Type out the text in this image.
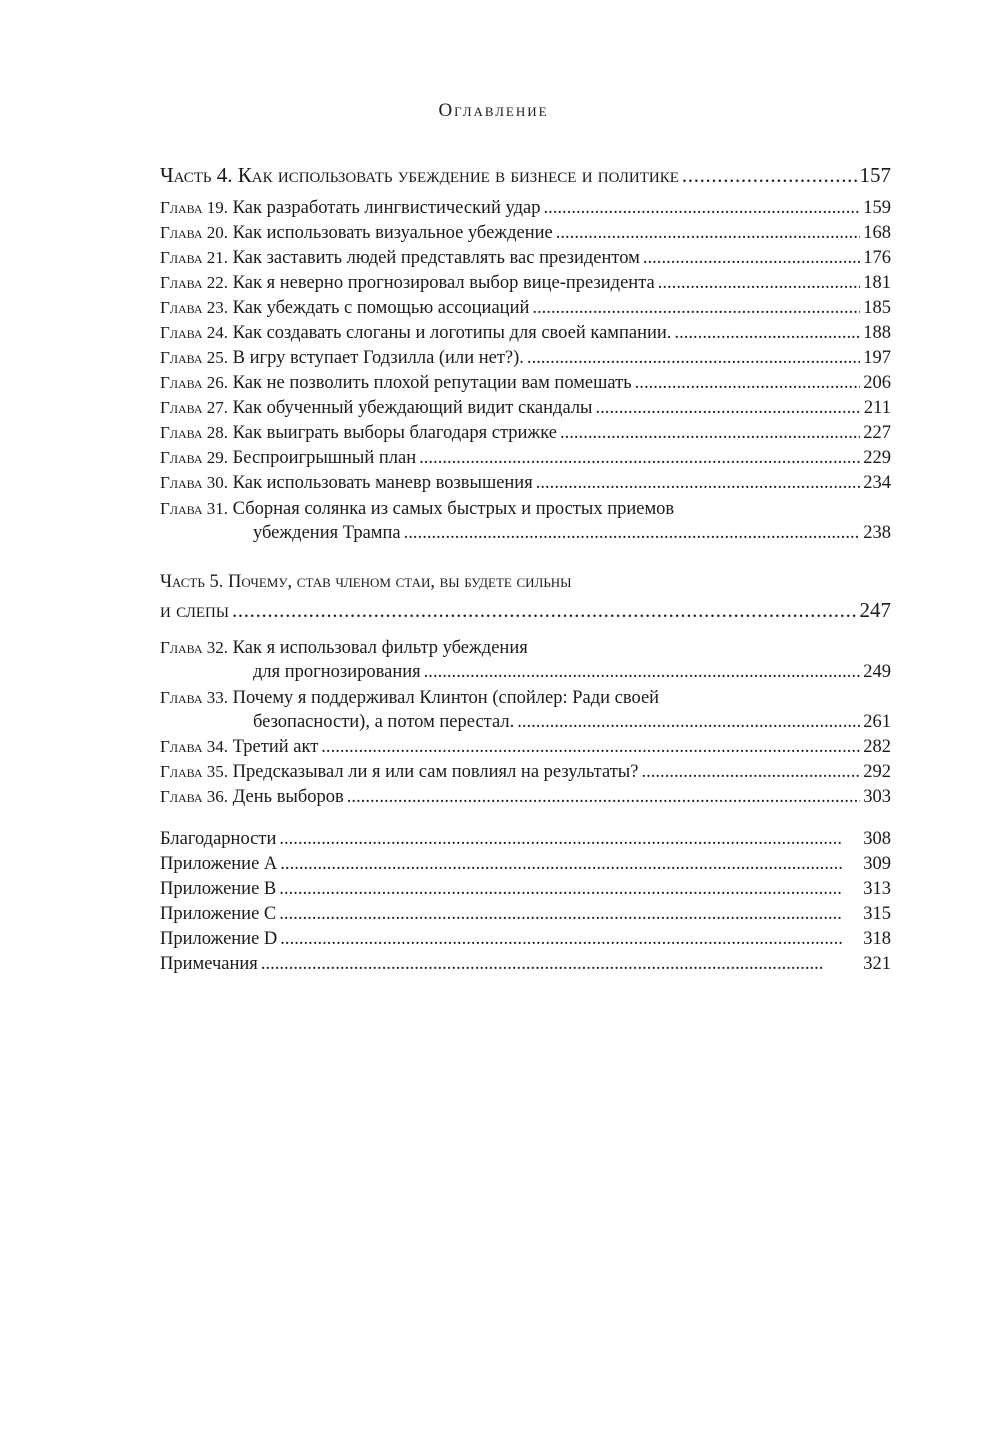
Оглавление
Часть 4. Как использовать убеждение в бизнесе и политике . . .	157
Глава 19. Как разработать лингвистический удар . . .	159
Глава 20. Как использовать визуальное убеждение . . .	168
Глава 21. Как заставить людей представлять вас президентом . . .	176
Глава 22. Как я неверно прогнозировал выбор вице-президента . . .	181
Глава 23. Как убеждать с помощью ассоциаций . . .	185
Глава 24. Как создавать слоганы и логотипы для своей кампании. . . .	188
Глава 25. В игру вступает Годзилла (или нет?). . . .	197
Глава 26. Как не позволить плохой репутации вам помешать . . .	206
Глава 27. Как обученный убеждающий видит скандалы . . .	211
Глава 28. Как выиграть выборы благодаря стрижке . . .	227
Глава 29. Беспроигрышный план . . .	229
Глава 30. Как использовать маневр возвышения . . .	234
Глава 31. Сборная солянка из самых быстрых и простых приемов
убеждения Трампа . . .	238
Часть 5. Почему, став членом стаи, вы будете сильны
и слепы . . .	247
Глава 32. Как я использовал фильтр убеждения
для прогнозирования . . .	249
Глава 33. Почему я поддерживал Клинтон (спойлер: Ради своей
безопасности), а потом перестал. . . .	261
Глава 34. Третий акт . . .	282
Глава 35. Предсказывал ли я или сам повлиял на результаты? . . .	292
Глава 36. День выборов . . .	303
Благодарности . . .	308
Приложение A . . .	309
Приложение B . . .	313
Приложение C . . .	315
Приложение D . . .	318
Примечания . . .	321
